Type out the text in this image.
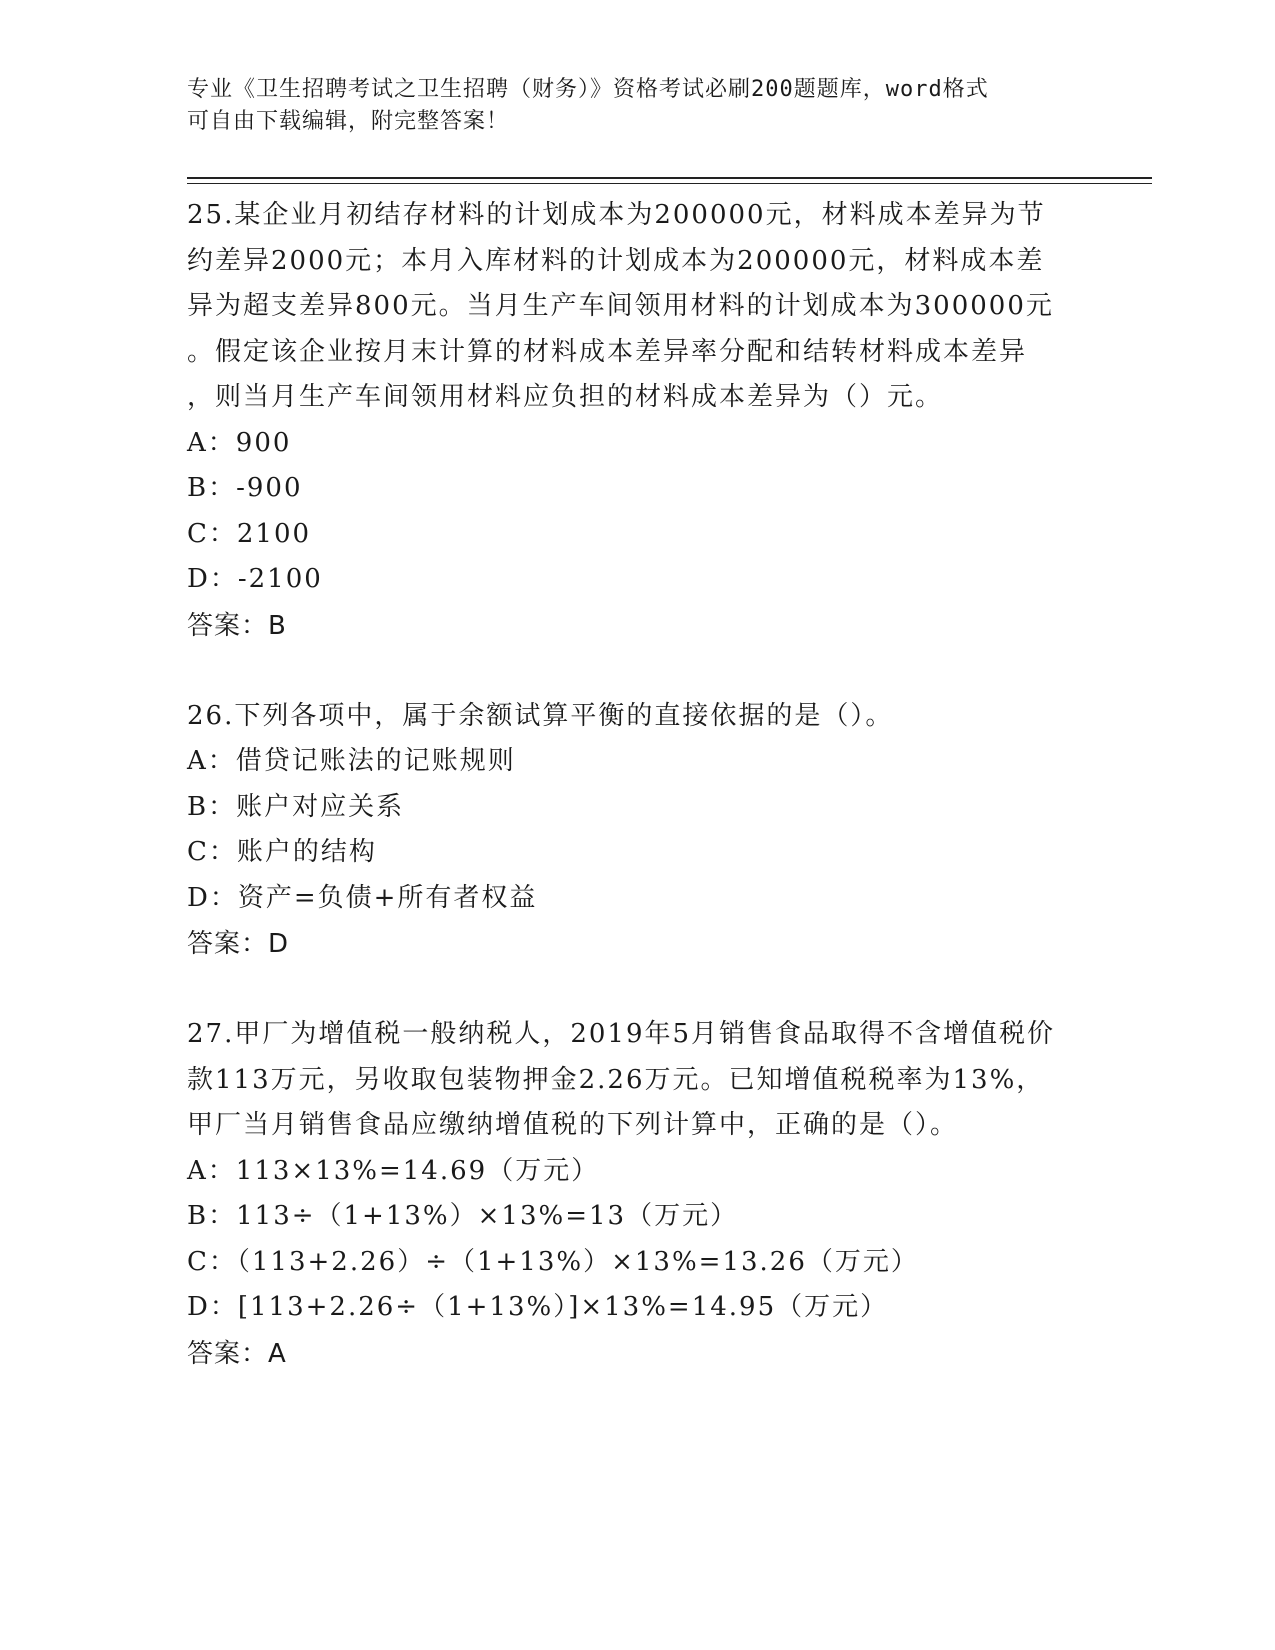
专业《卫生招聘考试之卫生招聘（财务）》资格考试必刷200题题库，word格式
可自由下载编辑，附完整答案！
25.某企业月初结存材料的计划成本为200000元，材料成本差异为节
约差异2000元；本月入库材料的计划成本为200000元，材料成本差
异为超支差异800元。当月生产车间领用材料的计划成本为300000元
。假定该企业按月末计算的材料成本差异率分配和结转材料成本差异
，则当月生产车间领用材料应负担的材料成本差异为（）元。
A：900
B：-900
C：2100
D：-2100
答案：B
26.下列各项中，属于余额试算平衡的直接依据的是（）。
A：借贷记账法的记账规则
B：账户对应关系
C：账户的结构
D：资产=负债+所有者权益
答案：D
27.甲厂为增值税一般纳税人，2019年5月销售食品取得不含增值税价
款113万元，另收取包装物押金2.26万元。已知增值税税率为13%，
甲厂当月销售食品应缴纳增值税的下列计算中，正确的是（）。
A：113×13%=14.69（万元）
B：113÷（1+13%）×13%=13（万元）
C：（113+2.26）÷（1+13%）×13%=13.26（万元）
D：[113+2.26÷（1+13%）]×13%=14.95（万元）
答案：A
